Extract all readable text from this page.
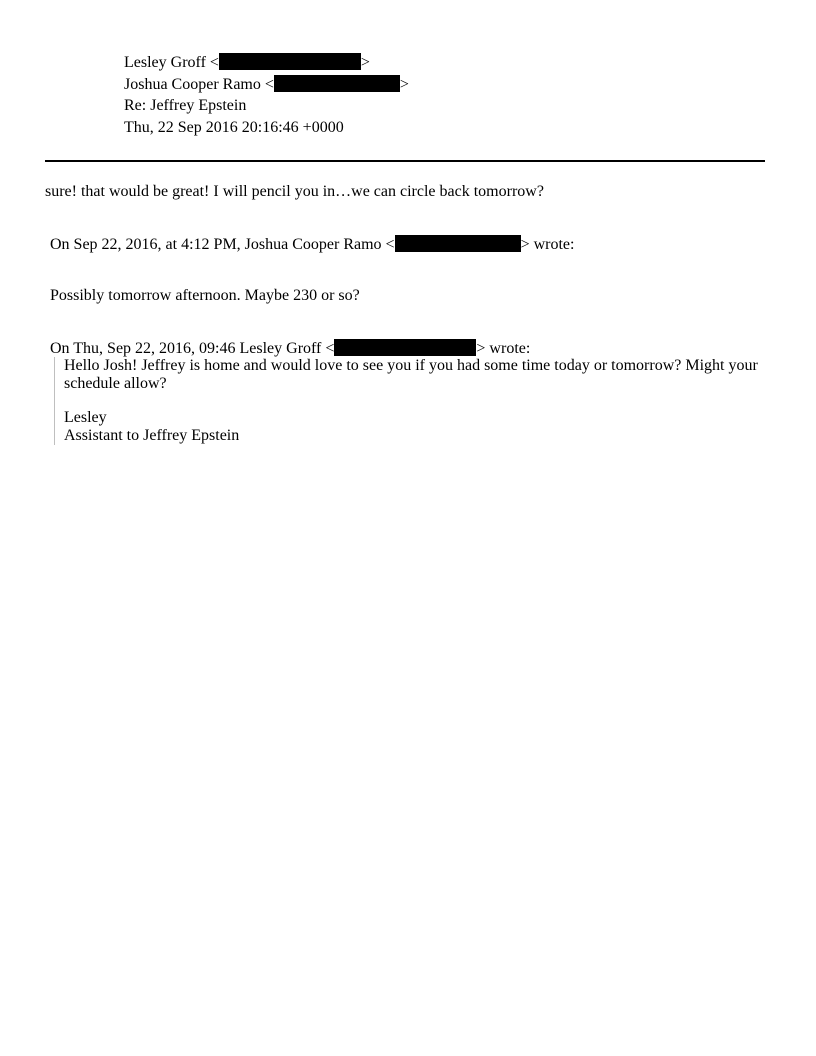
Lesley Groff <	>
Joshua Cooper Ramo <	>
Re: Jeffrey Epstein
Thu, 22 Sep 2016 20:16:46 +0000
sure! that would be great! I will pencil you in…we can circle back tomorrow?
On Sep 22, 2016, at 4:12 PM, Joshua Cooper Ramo <	> wrote:
Possibly tomorrow afternoon. Maybe 230 or so?
On Thu, Sep 22, 2016, 09:46 Lesley Groff <	> wrote:

Hello Josh! Jeffrey is home and would love to see you if you had some time today or tomorrow? Might your schedule allow?

Lesley

Assistant to Jeffrey Epstein
